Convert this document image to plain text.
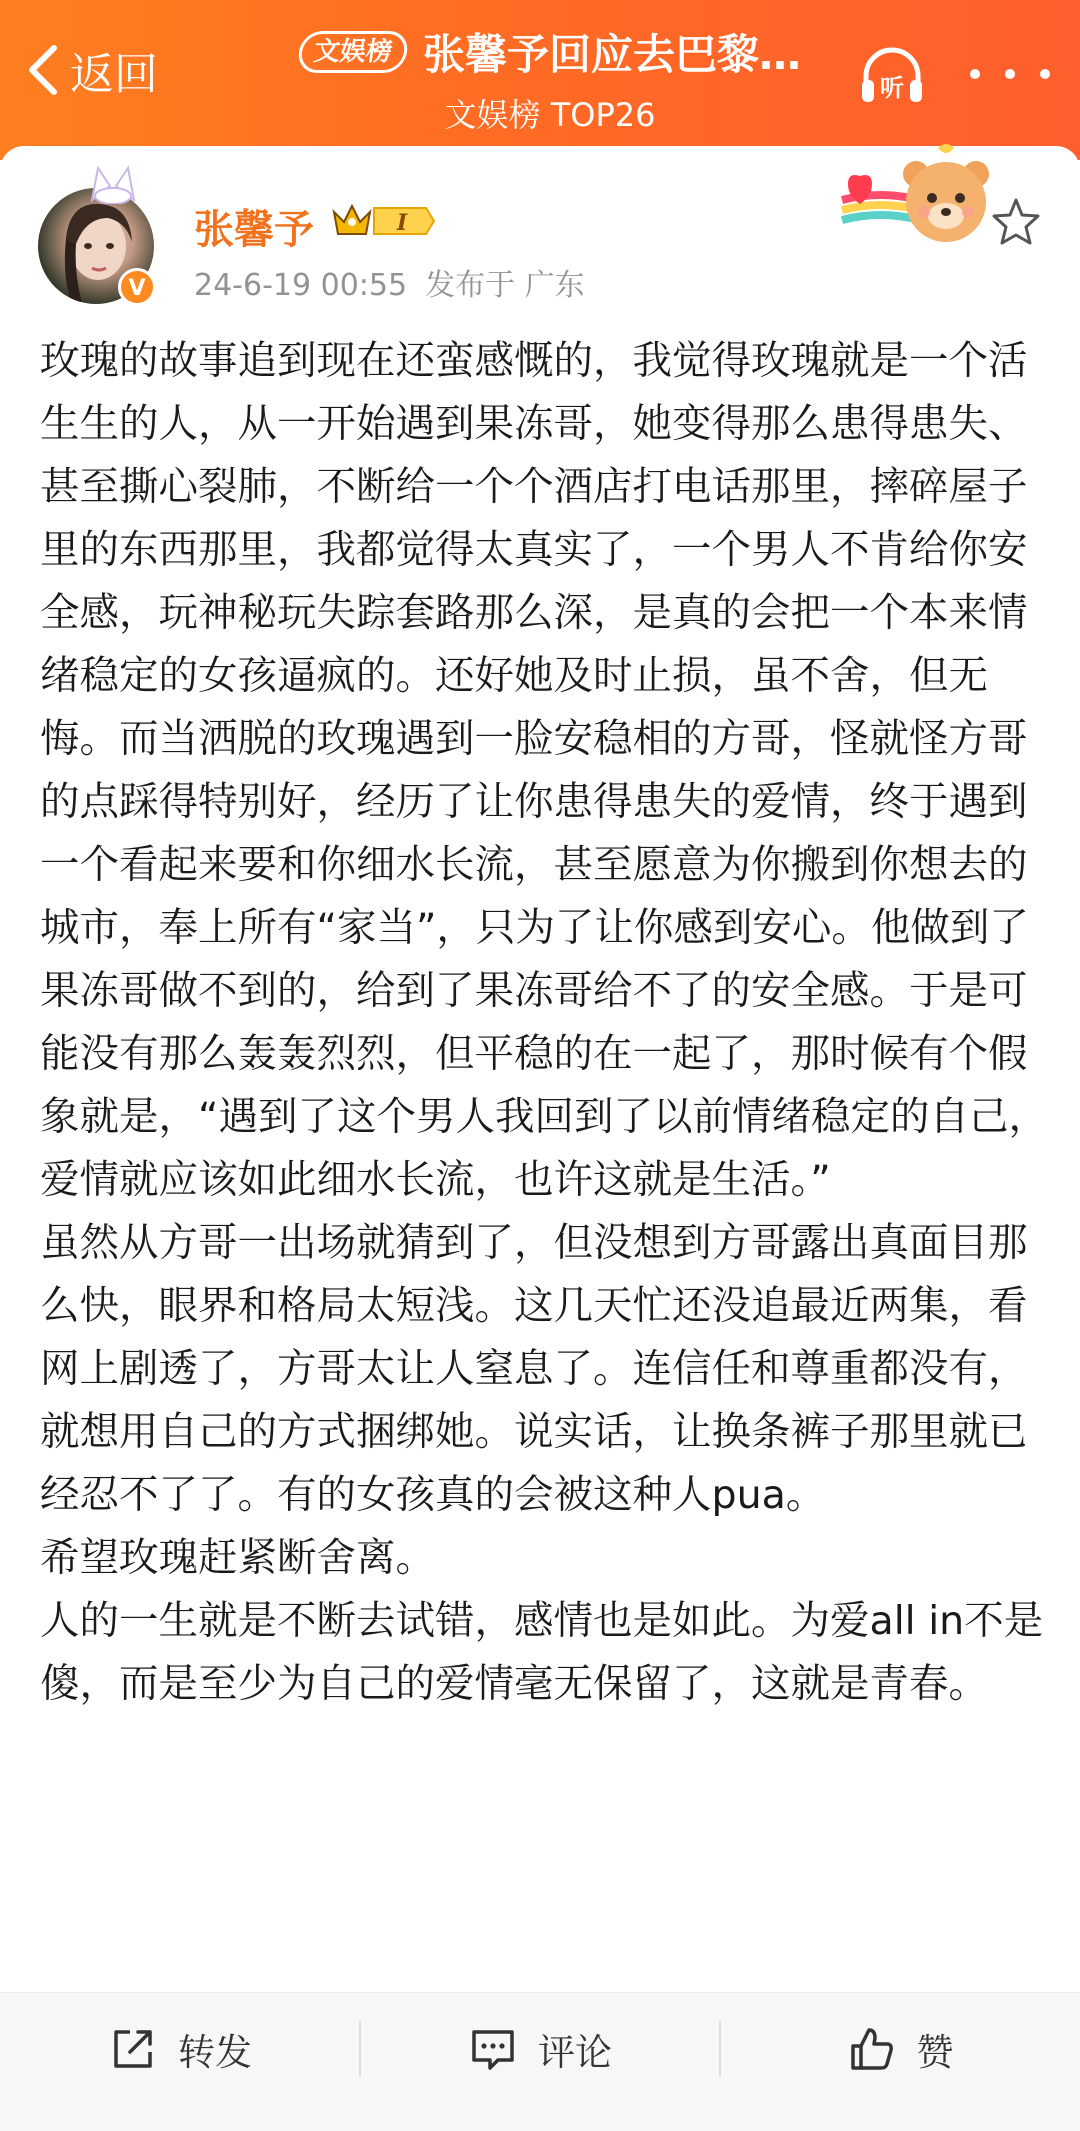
返回	文娱榜 张馨予回应去巴黎…
文娱榜 TOP26
听
V
张馨予	I
24-6-19 00:55 发布于 广东

玫瑰的故事追到现在还蛮感慨的，我觉得玫瑰就是一个活生生的人，从一开始遇到果冻哥，她变得那么患得患失、甚至撕心裂肺，不断给一个个酒店打电话那里，摔碎屋子里的东西那里，我都觉得太真实了，一个男人不肯给你安全感，玩神秘玩失踪套路那么深，是真的会把一个本来情绪稳定的女孩逼疯的。还好她及时止损，虽不舍，但无悔。而当洒脱的玫瑰遇到一脸安稳相的方哥，怪就怪方哥的点踩得特别好，经历了让你患得患失的爱情，终于遇到一个看起来要和你细水长流，甚至愿意为你搬到你想去的城市，奉上所有“家当”，只为了让你感到安心。他做到了果冻哥做不到的，给到了果冻哥给不了的安全感。于是可能没有那么轰轰烈烈，但平稳的在一起了，那时候有个假象就是，“遇到了这个男人我回到了以前情绪稳定的自己，爱情就应该如此细水长流，也许这就是生活。”

虽然从方哥一出场就猜到了，但没想到方哥露出真面目那么快，眼界和格局太短浅。这几天忙还没追最近两集，看网上剧透了，方哥太让人窒息了。连信任和尊重都没有，就想用自己的方式捆绑她。说实话，让换条裤子那里就已经忍不了了。有的女孩真的会被这种人pua。

希望玫瑰赶紧断舍离。

人的一生就是不断去试错，感情也是如此。为爱all in不是傻，而是至少为自己的爱情毫无保留了，这就是青春。

转发	评论	赞
